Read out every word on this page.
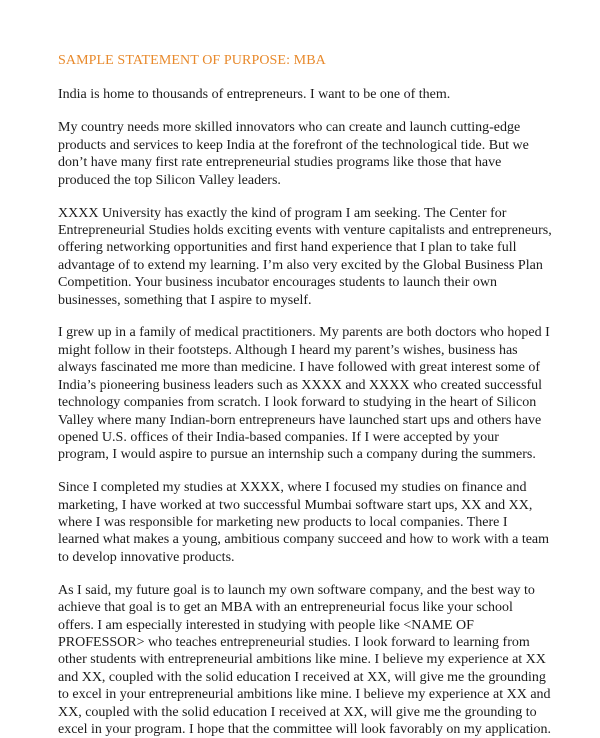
SAMPLE STATEMENT OF PURPOSE: MBA

India is home to thousands of entrepreneurs. I want to be one of them.

My country needs more skilled innovators who can create and launch cutting-edge products and services to keep India at the forefront of the technological tide. But we don’t have many first rate entrepreneurial studies programs like those that have produced the top Silicon Valley leaders.

XXXX University has exactly the kind of program I am seeking. The Center for Entrepreneurial Studies holds exciting events with venture capitalists and entrepreneurs, offering networking opportunities and first hand experience that I plan to take full advantage of to extend my learning. I’m also very excited by the Global Business Plan Competition. Your business incubator encourages students to launch their own businesses, something that I aspire to myself.

I grew up in a family of medical practitioners. My parents are both doctors who hoped I might follow in their footsteps. Although I heard my parent’s wishes, business has always fascinated me more than medicine. I have followed with great interest some of India’s pioneering business leaders such as XXXX and XXXX who created successful technology companies from scratch. I look forward to studying in the heart of Silicon Valley where many Indian-born entrepreneurs have launched start ups and others have opened U.S. offices of their India-based companies. If I were accepted by your program, I would aspire to pursue an internship such a company during the summers.

Since I completed my studies at XXXX, where I focused my studies on finance and marketing, I have worked at two successful Mumbai software start ups, XX and XX, where I was responsible for marketing new products to local companies. There I learned what makes a young, ambitious company succeed and how to work with a team to develop innovative products.

As I said, my future goal is to launch my own software company, and the best way to achieve that goal is to get an MBA with an entrepreneurial focus like your school offers. I am especially interested in studying with people like <NAME OF PROFESSOR> who teaches entrepreneurial studies. I look forward to learning from other students with entrepreneurial ambitions like mine. I believe my experience at XX and XX, coupled with the solid education I received at XX, will give me the grounding to excel in your entrepreneurial ambitions like mine. I believe my experience at XX and XX, coupled with the solid education I received at XX, will give me the grounding to excel in your program. I hope that the committee will look favorably on my application.
